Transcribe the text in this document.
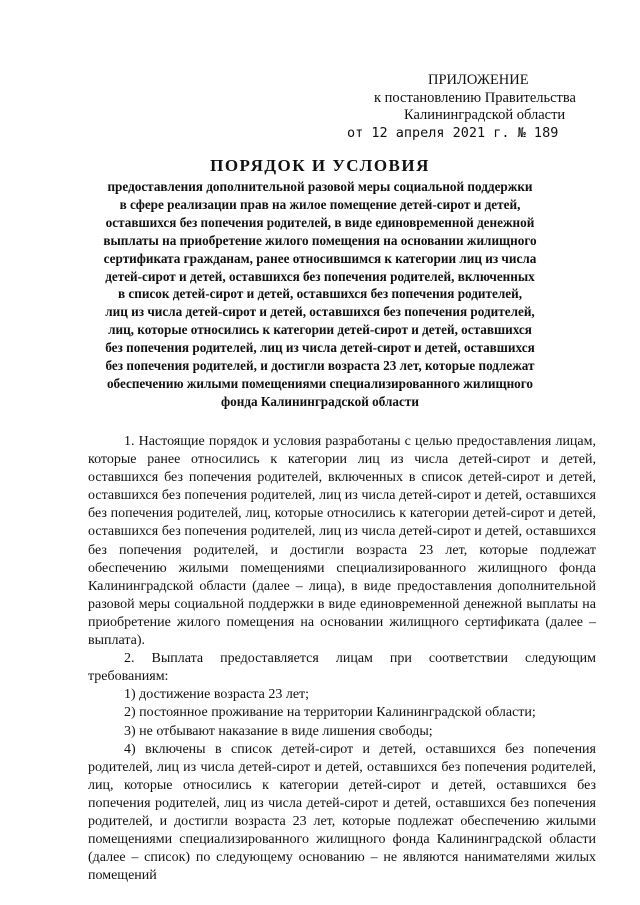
ПРИЛОЖЕНИЕ
к постановлению Правительства
Калининградской области
от 12 апреля 2021 г. № 189
ПОРЯДОК И УСЛОВИЯ
предоставления дополнительной разовой меры социальной поддержки
в сфере реализации прав на жилое помещение детей-сирот и детей,
оставшихся без попечения родителей, в виде единовременной денежной
выплаты на приобретение жилого помещения на основании жилищного
сертификата гражданам, ранее относившимся к категории лиц из числа
детей-сирот и детей, оставшихся без попечения родителей, включенных
в список детей-сирот и детей, оставшихся без попечения родителей,
лиц из числа детей-сирот и детей, оставшихся без попечения родителей,
лиц, которые относились к категории детей-сирот и детей, оставшихся
без попечения родителей, лиц из числа детей-сирот и детей, оставшихся
без попечения родителей, и достигли возраста 23 лет, которые подлежат
обеспечению жилыми помещениями специализированного жилищного
фонда Калининградской области

1. Настоящие порядок и условия разработаны с целью предоставления лицам, которые ранее относились к категории лиц из числа детей-сирот и детей, оставшихся без попечения родителей, включенных в список детей-сирот и детей, оставшихся без попечения родителей, лиц из числа детей-сирот и детей, оставшихся без попечения родителей, лиц, которые относились к категории детей-сирот и детей, оставшихся без попечения родителей, лиц из числа детей-сирот и детей, оставшихся без попечения родителей, и достигли возраста 23 лет, которые подлежат обеспечению жилыми помещениями специализированного жилищного фонда Калининградской области (далее – лица), в виде предоставления дополнительной разовой меры социальной поддержки в виде единовременной денежной выплаты на приобретение жилого помещения на основании жилищного сертификата (далее – выплата).

2. Выплата предоставляется лицам при соответствии следующим требованиям:

1) достижение возраста 23 лет;

2) постоянное проживание на территории Калининградской области;

3) не отбывают наказание в виде лишения свободы;

4) включены в список детей-сирот и детей, оставшихся без попечения родителей, лиц из числа детей-сирот и детей, оставшихся без попечения родителей, лиц, которые относились к категории детей-сирот и детей, оставшихся без попечения родителей, лиц из числа детей-сирот и детей, оставшихся без попечения родителей, и достигли возраста 23 лет, которые подлежат обеспечению жилыми помещениями специализированного жилищного фонда Калининградской области (далее – список) по следующему основанию – не являются нанимателями жилых помещений
